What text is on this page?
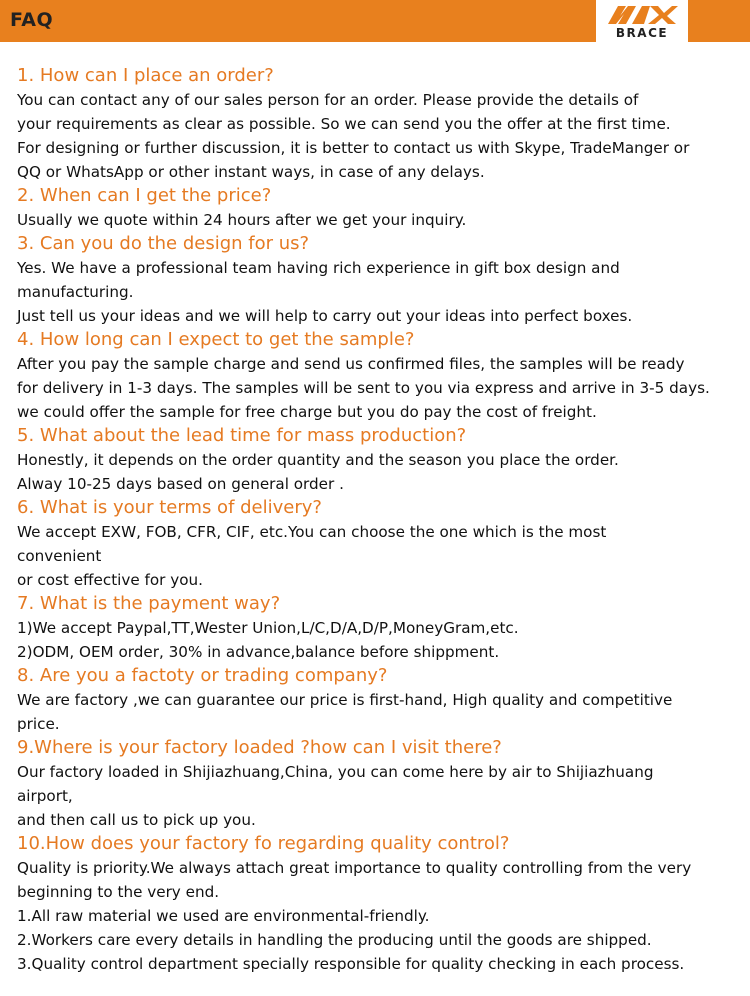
FAQ
BRACE
1. How can I place an order?
You can contact any of our sales person for an order. Please provide the details of
your requirements as clear as possible. So we can send you the offer at the first time.
For designing or further discussion, it is better to contact us with Skype, TradeManger or
QQ or WhatsApp or other instant ways, in case of any delays.
2. When can I get the price?
Usually we quote within 24 hours after we get your inquiry.
3. Can you do the design for us?
Yes. We have a professional team having rich experience in gift box design and
manufacturing.
Just tell us your ideas and we will help to carry out your ideas into perfect boxes.
4. How long can I expect to get the sample?
After you pay the sample charge and send us confirmed files, the samples will be ready
for delivery in 1-3 days. The samples will be sent to you via express and arrive in 3-5 days.
we could offer the sample for free charge but you do pay the cost of freight.
5. What about the lead time for mass production?
Honestly, it depends on the order quantity and the season you place the order.
Alway 10-25 days based on general order .
6. What is your terms of delivery?
We accept EXW, FOB, CFR, CIF, etc.You can choose the one which is the most
convenient
or cost effective for you.
7. What is the payment way?
1)We accept Paypal,TT,Wester Union,L/C,D/A,D/P,MoneyGram,etc.
2)ODM, OEM order, 30% in advance,balance before shippment.
8. Are you a factoty or trading company?
We are factory ,we can guarantee our price is first-hand, High quality and competitive
price.
9.Where is your factory loaded ?how can I visit there?
Our factory loaded in Shijiazhuang,China, you can come here by air to Shijiazhuang
airport,
and then call us to pick up you.
10.How does your factory fo regarding quality control?
Quality is priority.We always attach great importance to quality controlling from the very
beginning to the very end.
1.All raw material we used are environmental-friendly.
2.Workers care every details in handling the producing until the goods are shipped.
3.Quality control department specially responsible for quality checking in each process.
